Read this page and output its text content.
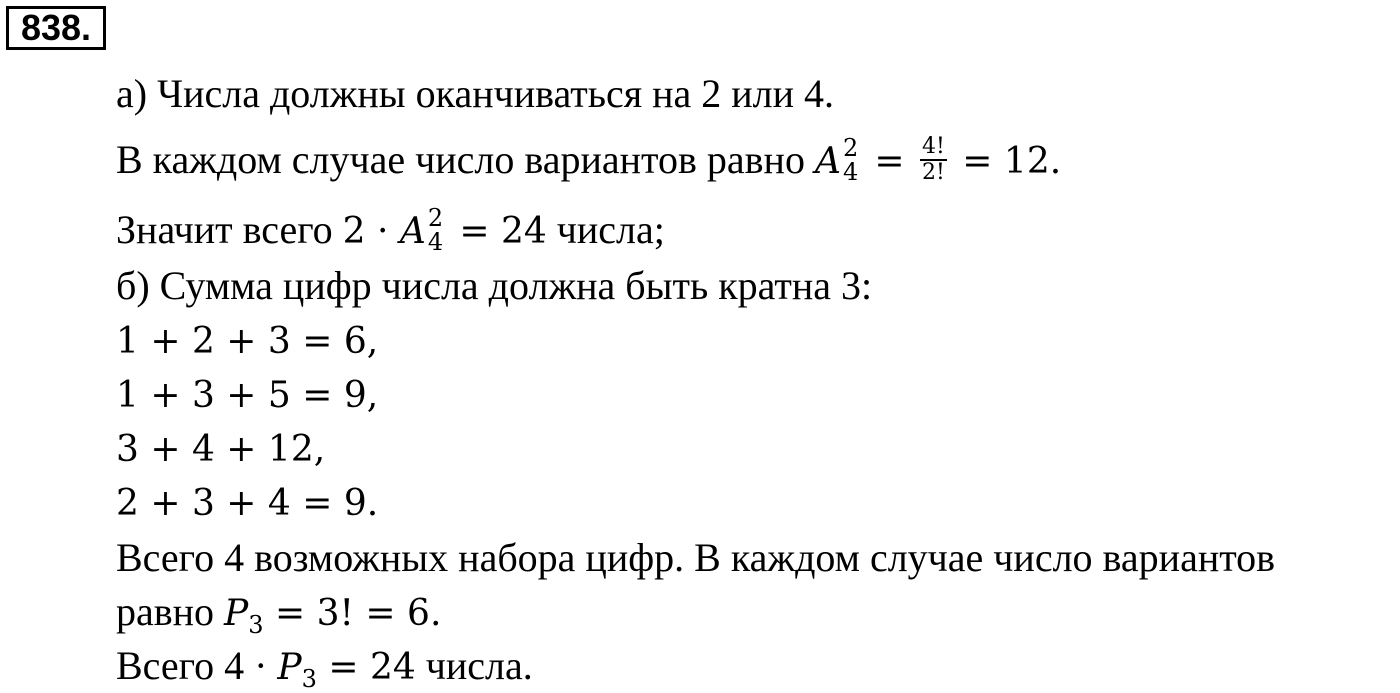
838.
а) Числа должны оканчиваться на 2 или 4.
В каждом случае число вариантов равно A 2
$4 = \frac{4!}{2!} = 12$.
Значит всего 2 · A 2
4 = 24 числа;
б) Сумма цифр числа должна быть кратна 3:
1 + 2 + 3 = 6,
1 + 3 + 5 = 9,
3 + 4 + 12,
2 + 3 + 4 = 9.
Всего 4 возможных набора цифр. В каждом случае число вариантов
равно $P_3 = 3$! = 6.
Всего $4 \cdot P_3 = 24$ числа.
